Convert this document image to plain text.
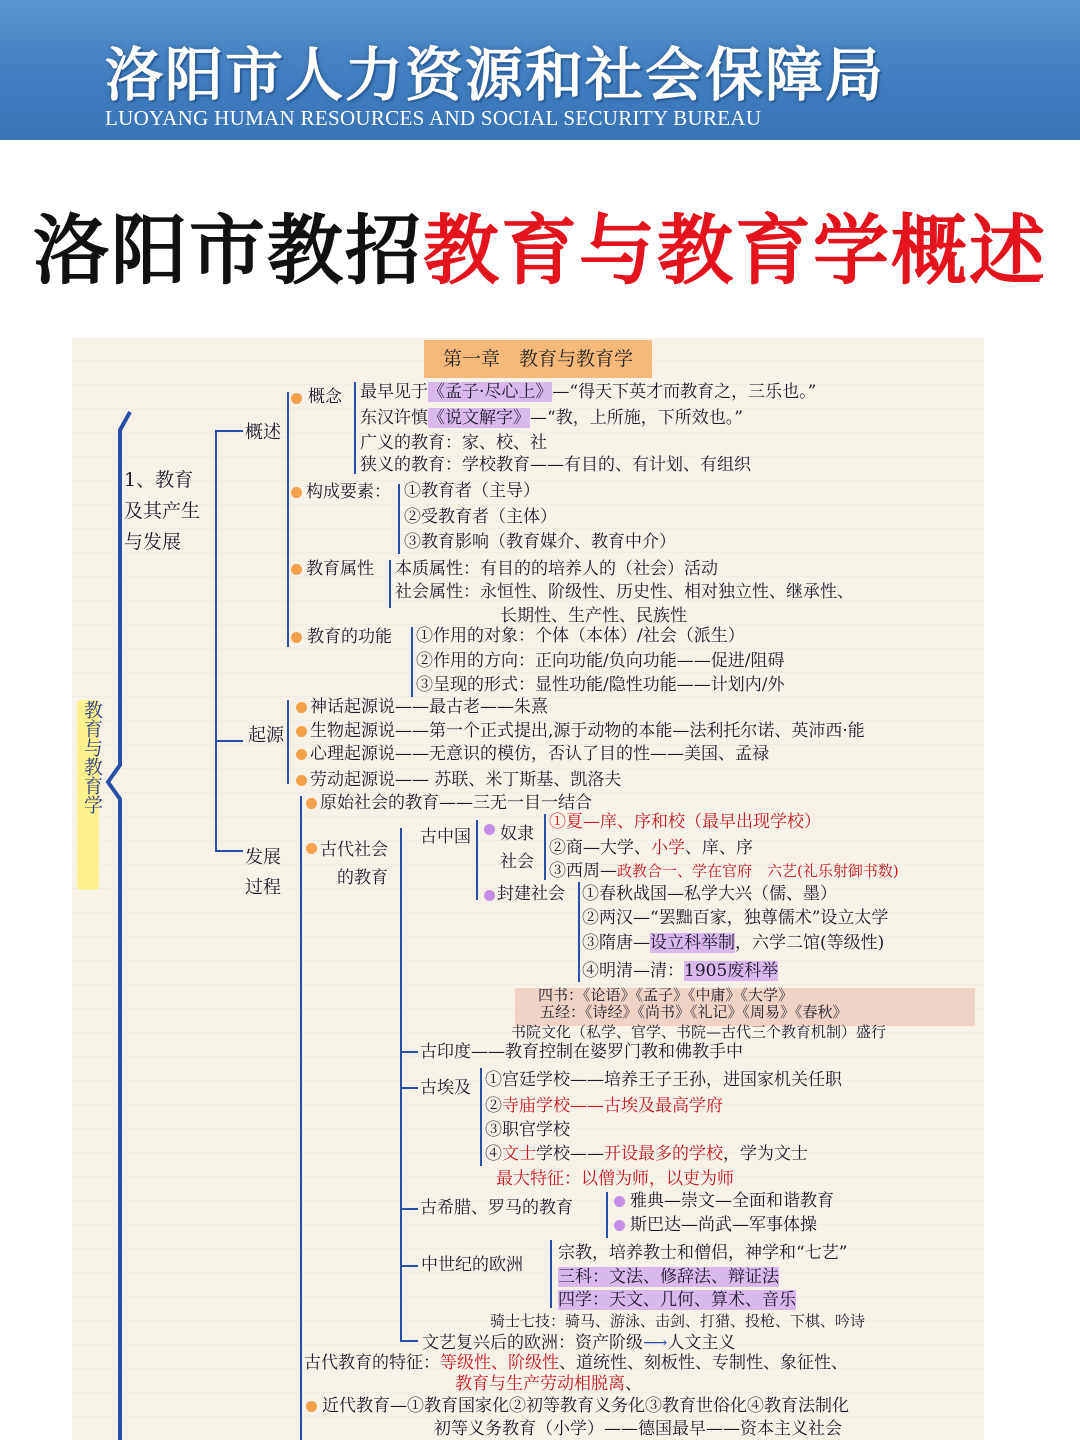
洛阳市人力资源和社会保障局
LUOYANG HUMAN RESOURCES AND SOCIAL SECURITY BUREAU
洛阳市教招教育与教育学概述
第一章　教育与教育学
教育与教育学
1、教育
及其产生
与发展
概述
起源
发展
过程
概念 最早见于《孟子·尽心上》—“得天下英才而教育之，三乐也。”
东汉许慎《说文解字》—“教，上所施，下所效也。”
广义的教育：家、校、社
狭义的教育：学校教育——有目的、有计划、有组织
构成要素： ①教育者（主导）
②受教育者（主体）
③教育影响（教育媒介、教育中介）
教育属性 本质属性：有目的的培养人的（社会）活动
社会属性：永恒性、阶级性、历史性、相对独立性、继承性、
长期性、生产性、民族性
教育的功能 ①作用的对象：个体（本体）/社会（派生）
②作用的方向：正向功能/负向功能——促进/阻碍
③呈现的形式：显性功能/隐性功能——计划内/外
神话起源说——最古老——朱熹
生物起源说——第一个正式提出,源于动物的本能—法利托尔诺、英沛西·能
心理起源说——无意识的模仿，否认了目的性——美国、孟禄
劳动起源说—— 苏联、米丁斯基、凯洛夫
原始社会的教育——三无一目一结合
古代社会
　的教育
古中国 奴隶
社会
①夏—庠、序和校（最早出现学校）
②商—大学、小学、庠、序
③西周—政教合一、学在官府　六艺(礼乐射御书数)
封建社会 ①春秋战国—私学大兴（儒、墨）
②两汉—“罢黜百家，独尊儒术”设立太学
③隋唐—设立科举制，六学二馆(等级性)
④明清—清：1905废科举
四书：《论语》《孟子》《中庸》《大学》
五经：《诗经》《尚书》《礼记》《周易》《春秋》
书院文化（私学、官学、书院—古代三个教育机制）盛行
古印度——教育控制在婆罗门教和佛教手中
古埃及 ①宫廷学校——培养王子王孙，进国家机关任职
②寺庙学校——古埃及最高学府
③职官学校
④文士学校——开设最多的学校，学为文士
最大特征：以僧为师，以吏为师
古希腊、罗马的教育	雅典—崇文—全面和谐教育
斯巴达—尚武—军事体操
中世纪的欧洲
宗教，培养教士和僧侣，神学和“七艺”
三科：文法、修辞法、辩证法
四学：天文、几何、算术、音乐
骑士七技：骑马、游泳、击剑、打猎、投枪、下棋、吟诗
文艺复兴后的欧洲：资产阶级⟶人文主义
古代教育的特征：等级性、阶级性、道统性、刻板性、专制性、象征性、
教育与生产劳动相脱离、
近代教育—①教育国家化②初等教育义务化③教育世俗化④教育法制化
初等义务教育（小学）——德国最早——资本主义社会
